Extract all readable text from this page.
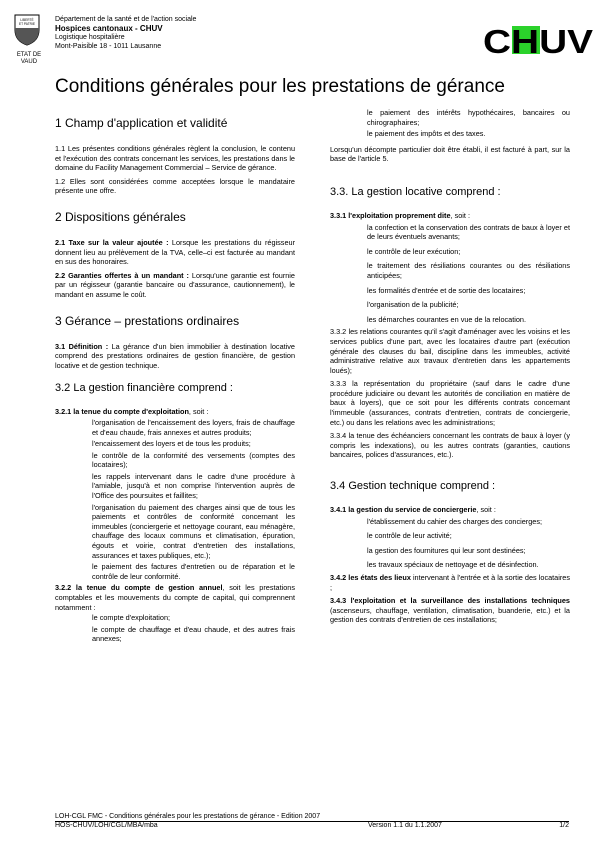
LIBERTÉ
ET PATRIE
ETAT DE
VAUD
Département de la santé et de l'action sociale
Hospices cantonaux - CHUV
Logistique hospitalière
Mont-Paisible 18 - 1011 Lausanne	CHUV
Conditions générales pour les prestations de gérance

1 Champ d'application et validité

1.1 Les présentes conditions générales règlent la conclusion, le contenu et l'exécution des contrats concernant les services, les prestations dans le domaine du Facility Management Commercial – Service de gérance.

1.2 Elles sont considérées comme acceptées lorsque le mandataire présente une offre.

2 Dispositions générales

2.1 Taxe sur la valeur ajoutée : Lorsque les prestations du régisseur donnent lieu au prélèvement de la TVA, celle–ci est facturée au mandant en sus des honoraires.

2.2 Garanties offertes à un mandant : Lorsqu'une garantie est fournie par un régisseur (garantie bancaire ou d'assurance, cautionnement), le mandant en assume le coût.

3 Gérance – prestations ordinaires

3.1 Définition : La gérance d'un bien immobilier à destination locative comprend des prestations ordinaires de gestion financière, de gestion locative et de gestion technique.

3.2 La gestion financière comprend :

3.2.1 la tenue du compte d'exploitation, soit :

l'organisation de l'encaissement des loyers, frais de chauffage et d'eau chaude, frais annexes et autres produits;

l'encaissement des loyers et de tous les produits;

le contrôle de la conformité des versements (comptes des locataires);

les rappels intervenant dans le cadre d'une procédure à l'amiable, jusqu'à et non comprise l'intervention auprès de l'Office des poursuites et faillites;

l'organisation du paiement des charges ainsi que de tous les paiements et contrôles de conformité concernant les immeubles (conciergerie et nettoyage courant, eau ménagère, chauffage des locaux communs et climatisation, épuration, égouts et voirie, contrat d'entretien des installations, assurances et taxes publiques, etc.);

le paiement des factures d'entretien ou de réparation et le contrôle de leur conformité.

3.2.2 la tenue du compte de gestion annuel, soit les prestations comptables et les mouvements du compte de capital, qui comprennent notamment :

le compte d'exploitation;

le compte de chauffage et d'eau chaude, et des autres frais annexes;

le paiement des intérêts hypothécaires, bancaires ou chirographaires;

le paiement des impôts et des taxes.

Lorsqu'un décompte particulier doit être établi, il est facturé à part, sur la base de l'article 5.

3.3. La gestion locative comprend :

3.3.1 l'exploitation proprement dite, soit :

la confection et la conservation des contrats de baux à loyer et de leurs éventuels avenants;

le contrôle de leur exécution;

le traitement des résiliations courantes ou des résiliations anticipées;

les formalités d'entrée et de sortie des locataires;

l'organisation de la publicité;

les démarches courantes en vue de la relocation.

3.3.2 les relations courantes qu'il s'agit d'aménager avec les voisins et les services publics d'une part, avec les locataires d'autre part (exécution générale des clauses du bail, discipline dans les immeubles, activité administrative relative aux travaux d'entretien dans les appartements loués);

3.3.3 la représentation du propriétaire (sauf dans le cadre d'une procédure judiciaire ou devant les autorités de conciliation en matière de baux à loyers), que ce soit pour les différents contrats concernant l'immeuble (assurances, contrats d'entretien, contrats de conciergerie, etc.) ou dans les relations avec les administrations;

3.3.4 la tenue des échéanciers concernant les contrats de baux à loyer (y compris les indexations), ou les autres contrats (garanties, cautions bancaires, polices d'assurances, etc.).

3.4 Gestion technique comprend :

3.4.1 la gestion du service de conciergerie, soit :

l'établissement du cahier des charges des concierges;

le contrôle de leur activité;

la gestion des fournitures qui leur sont destinées;

les travaux spéciaux de nettoyage et de désinfection.

3.4.2 les états des lieux intervenant à l'entrée et à la sortie des locataires ;

3.4.3 l'exploitation et la surveillance des installations techniques (ascenseurs, chauffage, ventilation, climatisation, buanderie, etc.) et la gestion des contrats d'entretien de ces installations;

LOH-CGL FMC - Conditions générales pour les prestations de gérance - Edition 2007
HOS-CHUV/LOH/CGL/MBA/mba	Version 1.1 du 1.1.2007	1/2
